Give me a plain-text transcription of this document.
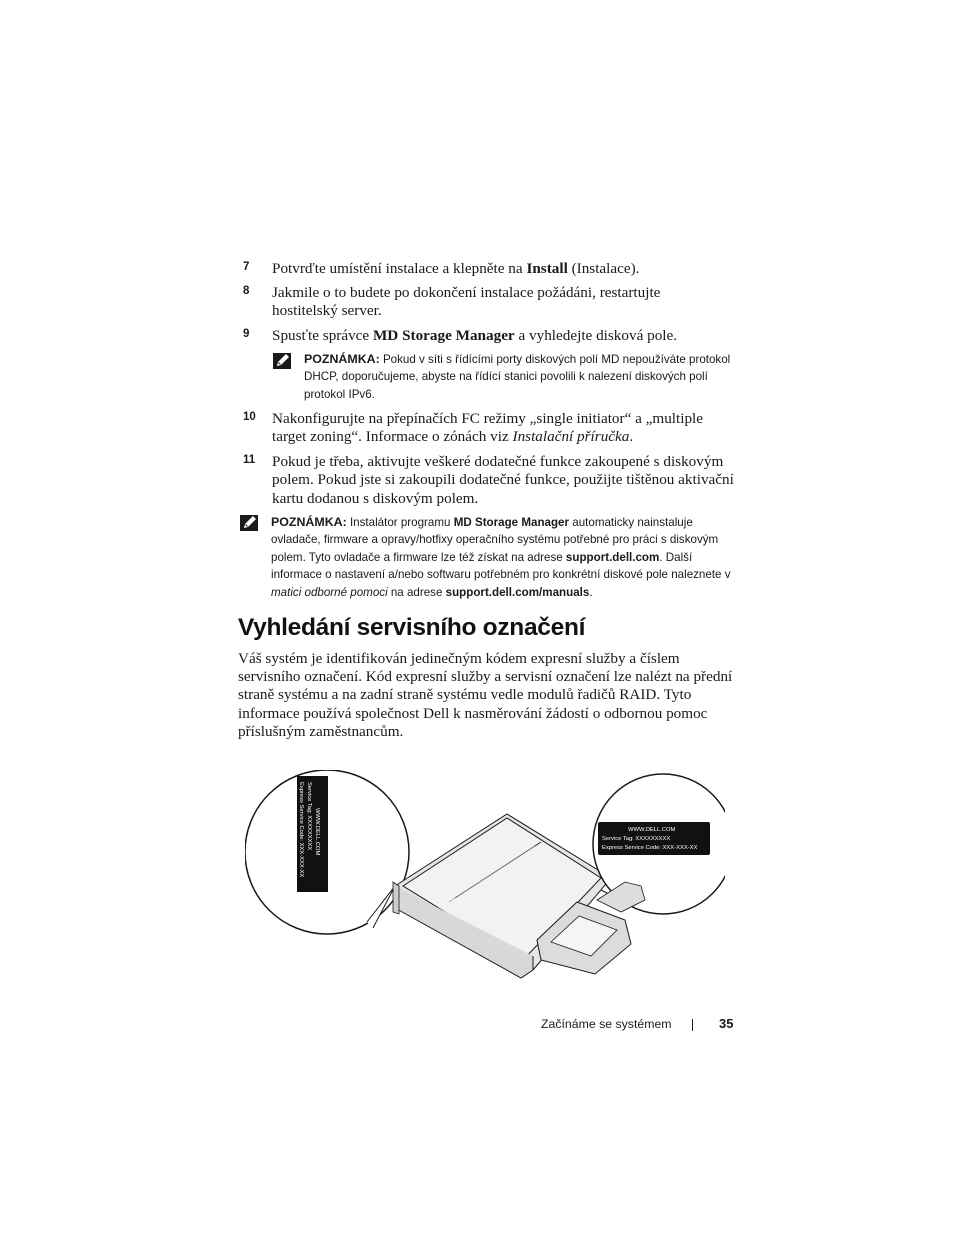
7	Potvrďte umístění instalace a klepněte na Install (Instalace).
8	Jakmile o to budete po dokončení instalace požádáni, restartujte hostitelský server.
9	Spusťte správce MD Storage Manager a vyhledejte disková pole.
POZNÁMKA: Pokud v síti s řídícími porty diskových polí MD nepoužíváte protokol DHCP, doporučujeme, abyste na řídící stanici povolili k nalezení diskových polí protokol IPv6.
10	Nakonfigurujte na přepínačích FC režimy „single initiator“ a „multiple target zoning“. Informace o zónách viz Instalační příručka.
11	Pokud je třeba, aktivujte veškeré dodatečné funkce zakoupené s diskovým polem. Pokud jste si zakoupili dodatečné funkce, použijte tištěnou aktivační kartu dodanou s diskovým polem.
POZNÁMKA: Instalátor programu MD Storage Manager automaticky nainstaluje ovladače, firmware a opravy/hotfixy operačního systému potřebné pro práci s diskovým polem. Tyto ovladače a firmware lze též získat na adrese support.dell.com. Další informace o nastavení a/nebo softwaru potřebném pro konkrétní diskové pole naleznete v matici odborné pomoci na adrese support.dell.com/manuals.
Vyhledání servisního označení
Váš systém je identifikován jedinečným kódem expresní služby a číslem servisního označení. Kód expresní služby a servisní označení lze nalézt na přední straně systému a na zadní straně systému vedle modulů řadičů RAID. Tyto informace používá společnost Dell k nasměrování žádostí o odbornou pomoc příslušným zaměstnancům.
WWW.DELL.COM
Service Tag: XXXXXXXXX
Express Service Code: XXX-XXX-XX	WWW.DELL.COM
Service Tag: XXXXXXXXX
Express Service Code: XXX-XXX-XX
Začínáme se systémem	35
